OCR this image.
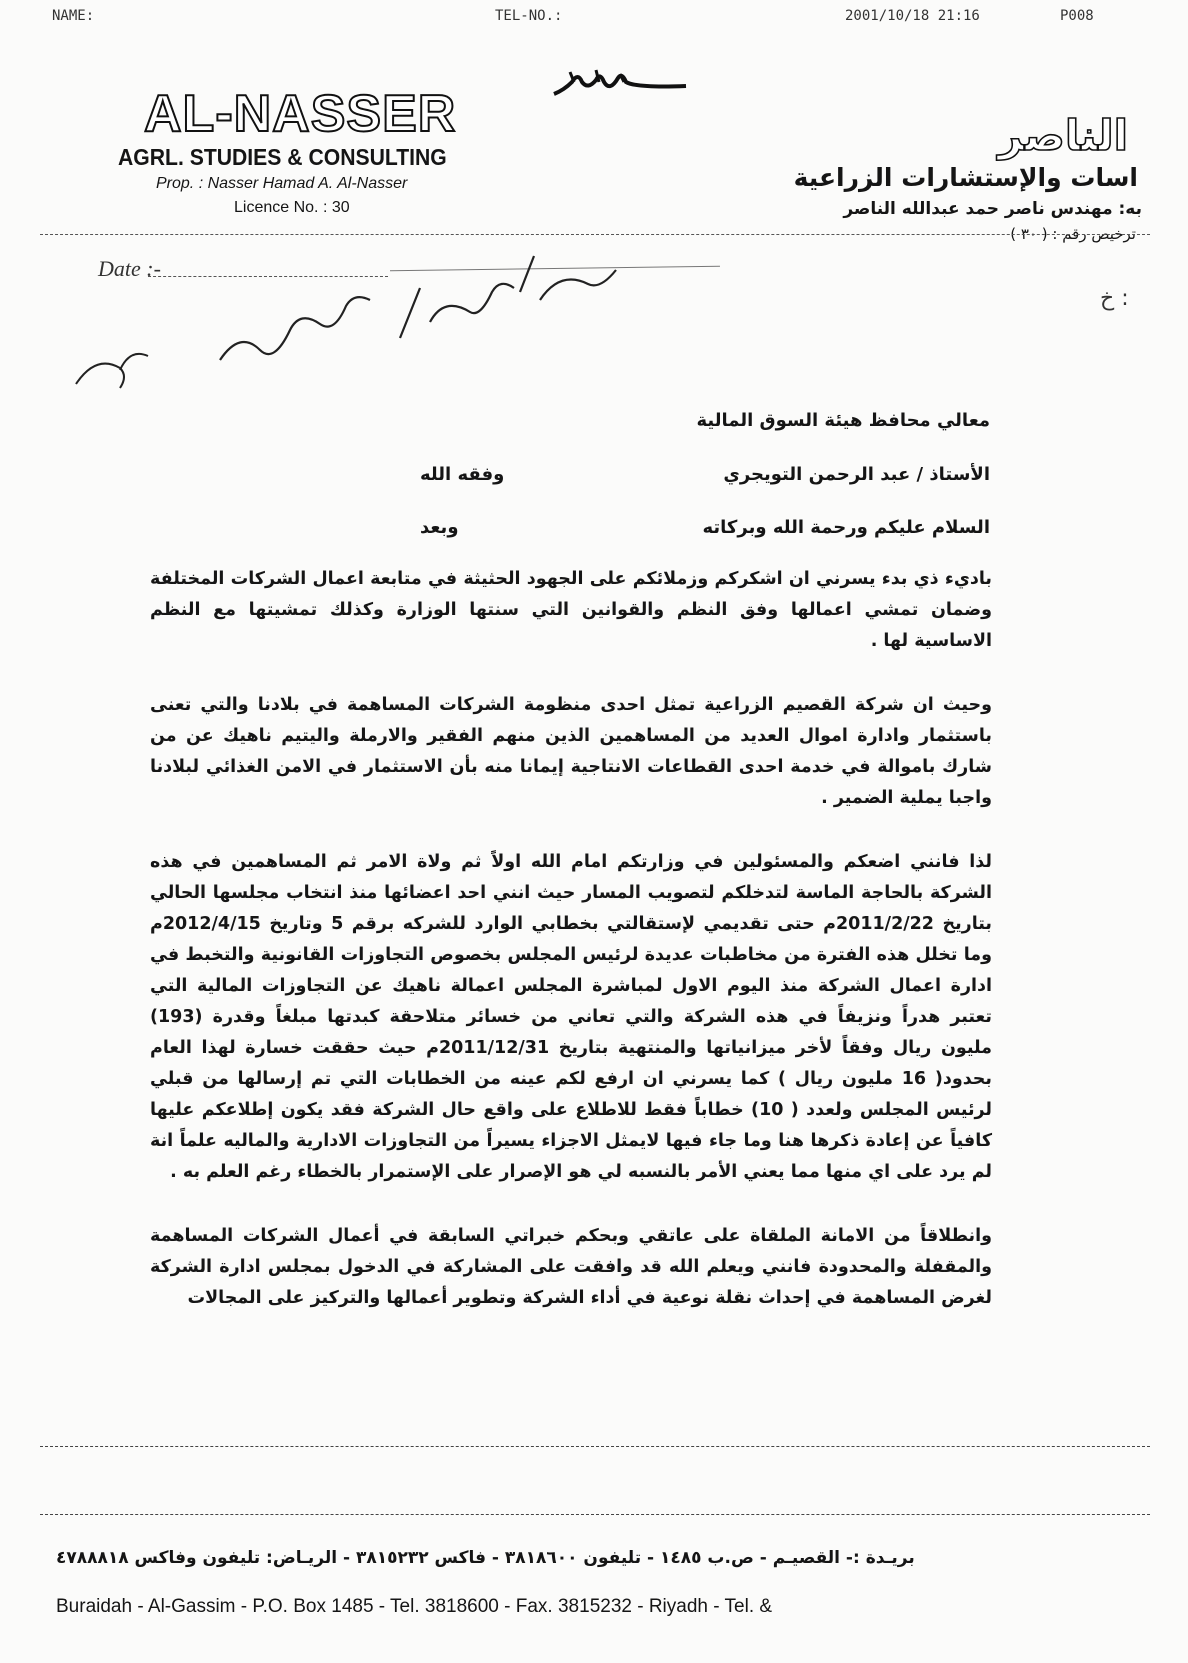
NAME:	TEL-NO.:	2001/10/18 21:16	P008
AL-NASSER
AGRL. STUDIES & CONSULTING
Prop. : Nasser Hamad A. Al-Nasser
Licence No. : 30
الناصر
اسات والإستشارات الزراعية
به: مهندس ناصر حمد عبدالله الناصر
ترخيص رقم : ( ٣٠ )
Date :-
خ :
معالي محافظ هيئة السوق المالية
الأستاذ / عبد الرحمن التويجري
وفقه الله
السلام عليكم ورحمة الله وبركاته
وبعد

باديء ذي بدء يسرني ان اشكركم وزملائكم على الجهود الحثيثة في متابعة اعمال الشركات المختلفة وضمان تمشي اعمالها وفق النظم والقوانين التي سنتها الوزارة وكذلك تمشيتها مع النظم الاساسية لها .

وحيث ان شركة القصيم الزراعية تمثل احدى منظومة الشركات المساهمة في بلادنا والتي تعنى باستثمار وادارة اموال العديد من المساهمين الذين منهم الفقير والارملة واليتيم ناهيك عن من شارك باموالة في خدمة احدى القطاعات الانتاجية إيمانا منه بأن الاستثمار في الامن الغذائي لبلادنا واجبا يملية الضمير .

لذا فانني اضعكم والمسئولين في وزارتكم امام الله اولاً ثم ولاة الامر ثم المساهمين في هذه الشركة بالحاجة الماسة لتدخلكم لتصويب المسار حيث انني احد اعضائها منذ انتخاب مجلسها الحالي بتاريخ 2011/2/22م حتى تقديمي لإستقالتي بخطابي الوارد للشركه برقم 5 وتاريخ 2012/4/15م وما تخلل هذه الفترة من مخاطبات عديدة لرئيس المجلس بخصوص التجاوزات القانونية والتخبط في ادارة اعمال الشركة منذ اليوم الاول لمباشرة المجلس اعمالة ناهيك عن التجاوزات المالية التي تعتبر هدراً ونزيفاً في هذه الشركة والتي تعاني من خسائر متلاحقة كبدتها مبلغاً وقدرة (193) مليون ريال وفقاً لأخر ميزانياتها والمنتهية بتاريخ 2011/12/31م حيث حققت خسارة لهذا العام بحدود( 16 مليون ريال ) كما يسرني ان ارفع لكم عينه من الخطابات التي تم إرسالها من قبلي لرئيس المجلس ولعدد ( 10) خطاباً فقط للاطلاع على واقع حال الشركة فقد يكون إطلاعكم عليها كافياً عن إعادة ذكرها هنا وما جاء فيها لايمثل الاجزاء يسيراً من التجاوزات الادارية والماليه علماً انة لم يرد على اي منها مما يعني الأمر بالنسبه لي هو الإصرار على الإستمرار بالخطاء رغم العلم به .

وانطلاقاً من الامانة الملقاة على عاتقي وبحكم خبراتي السابقة في أعمال الشركات المساهمة والمقفلة والمحدودة فانني ويعلم الله قد وافقت على المشاركة في الدخول بمجلس ادارة الشركة لغرض المساهمة في إحداث نقلة نوعية في أداء الشركة وتطوير أعمالها والتركيز على المجالات

بريـدة :- القصيـم - ص.ب ١٤٨٥ - تليفون ٣٨١٨٦٠٠ - فاكس ٣٨١٥٢٣٢ - الريـاض: تليفون وفاكس ٤٧٨٨٨١٨
Buraidah - Al-Gassim - P.O. Box 1485 - Tel. 3818600 - Fax. 3815232 - Riyadh - Tel. &
